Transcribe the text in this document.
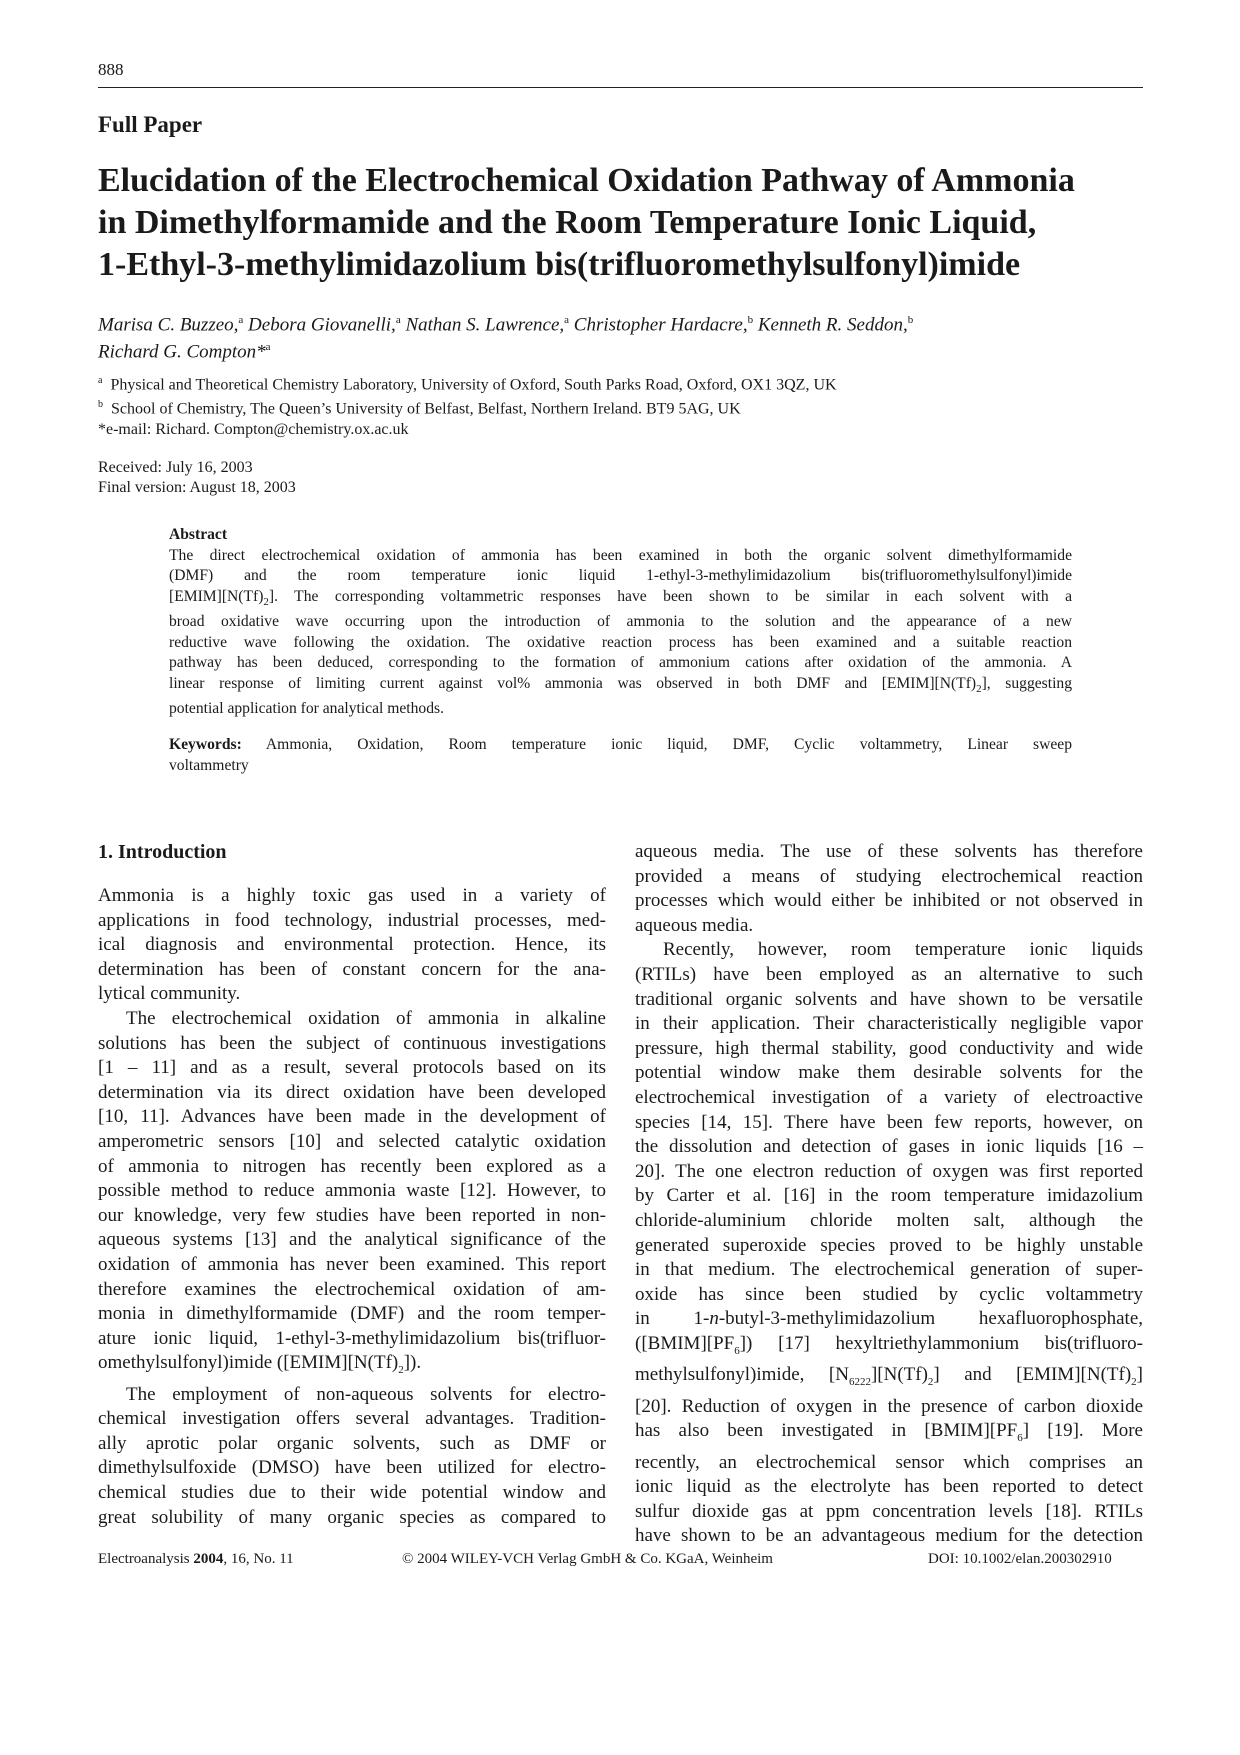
888
Full Paper
Elucidation of the Electrochemical Oxidation Pathway of Ammonia
in Dimethylformamide and the Room Temperature Ionic Liquid,
1-Ethyl-3-methylimidazolium bis(trifluoromethylsulfonyl)imide
Marisa C. Buzzeo,$^a$ Debora Giovanelli,$^a$ Nathan S. Lawrence,$^a$ Christopher Hardacre,$^b$ Kenneth R. Seddon,$^b$
Richard G. Compton*$^a$
$^a$ Physical and Theoretical Chemistry Laboratory, University of Oxford, South Parks Road, Oxford, OX1 3QZ, UK
$^b$ School of Chemistry, The Queen’s University of Belfast, Belfast, Northern Ireland. BT9 5AG, UK
*e-mail: Richard. Compton@chemistry.ox.ac.uk
Received: July 16, 2003
Final version: August 18, 2003
Abstract
The direct electrochemical oxidation of ammonia has been examined in both the organic solvent dimethylformamide
(DMF) and the room temperature ionic liquid 1-ethyl-3-methylimidazolium bis(trifluoromethylsulfonyl)imide
$[EMIM][N(Tf)_2]$. The corresponding voltammetric responses have been shown to be similar in each solvent with a
broad oxidative wave occurring upon the introduction of ammonia to the solution and the appearance of a new
reductive wave following the oxidation. The oxidative reaction process has been examined and a suitable reaction
pathway has been deduced, corresponding to the formation of ammonium cations after oxidation of the ammonia. A
linear response of limiting current against vol% ammonia was observed in both DMF and $[EMIM][N(Tf)_2]$, suggesting
potential application for analytical methods.
Keywords: Ammonia, Oxidation, Room temperature ionic liquid, DMF, Cyclic voltammetry, Linear sweep
voltammetry
1. Introduction
Ammonia is a highly toxic gas used in a variety of
applications in food technology, industrial processes, med-
ical diagnosis and environmental protection. Hence, its
determination has been of constant concern for the ana-
lytical community.
The electrochemical oxidation of ammonia in alkaline
solutions has been the subject of continuous investigations
[1 – 11] and as a result, several protocols based on its
determination via its direct oxidation have been developed
[10, 11]. Advances have been made in the development of
amperometric sensors [10] and selected catalytic oxidation
of ammonia to nitrogen has recently been explored as a
possible method to reduce ammonia waste [12]. However, to
our knowledge, very few studies have been reported in non-
aqueous systems [13] and the analytical significance of the
oxidation of ammonia has never been examined. This report
therefore examines the electrochemical oxidation of am-
monia in dimethylformamide (DMF) and the room temper-
ature ionic liquid, 1-ethyl-3-methylimidazolium bis(trifluor-
omethylsulfonyl)imide $([EMIM][N(Tf)_2])$.
The employment of non-aqueous solvents for electro-
chemical investigation offers several advantages. Tradition-
ally aprotic polar organic solvents, such as DMF or
dimethylsulfoxide (DMSO) have been utilized for electro-
chemical studies due to their wide potential window and
great solubility of many organic species as compared to
aqueous media. The use of these solvents has therefore
provided a means of studying electrochemical reaction
processes which would either be inhibited or not observed in
aqueous media.
Recently, however, room temperature ionic liquids
(RTILs) have been employed as an alternative to such
traditional organic solvents and have shown to be versatile
in their application. Their characteristically negligible vapor
pressure, high thermal stability, good conductivity and wide
potential window make them desirable solvents for the
electrochemical investigation of a variety of electroactive
species [14, 15]. There have been few reports, however, on
the dissolution and detection of gases in ionic liquids [16 –
20]. The one electron reduction of oxygen was first reported
by Carter et al. [16] in the room temperature imidazolium
chloride-aluminium chloride molten salt, although the
generated superoxide species proved to be highly unstable
in that medium. The electrochemical generation of super-
oxide has since been studied by cyclic voltammetry
in 1-n-butyl-3-methylimidazolium hexafluorophosphate,
$([BMIM][PF_6])$ [17] hexyltriethylammonium bis(trifluoro-
methylsulfonyl)imide, $[N_{6222}][N(Tf)_2]$ and $[EMIM][N(Tf)_2]$
[20]. Reduction of oxygen in the presence of carbon dioxide
has also been investigated in $[BMIM][PF_6]$ [19]. More
recently, an electrochemical sensor which comprises an
ionic liquid as the electrolyte has been reported to detect
sulfur dioxide gas at ppm concentration levels [18]. RTILs
have shown to be an advantageous medium for the detection
Electroanalysis 2004, 16, No. 11	© 2004 WILEY-VCH Verlag GmbH & Co. KGaA, Weinheim	DOI: 10.1002/elan.200302910
